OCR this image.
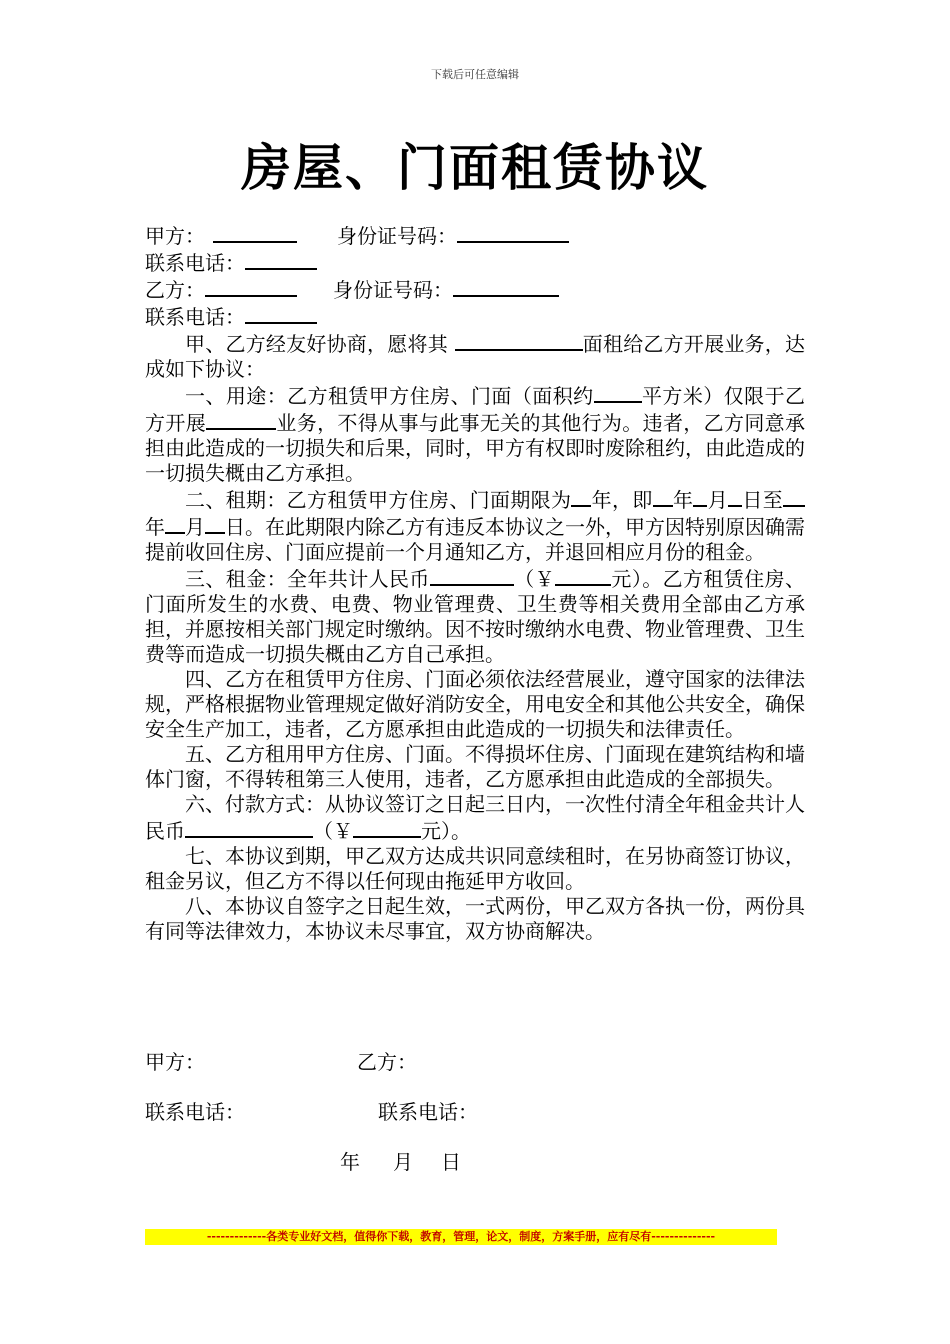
下载后可任意编辑
房屋、门面租赁协议
甲方：	身份证号码：
联系电话：
乙方：	身份证号码：
联系电话：

甲、乙方经友好协商，愿将其	面租给乙方开展业务，达成如下协议：

一、用途：乙方租赁甲方住房、门面（面积约 平方米）仅限于乙方开展	业务，不得从事与此事无关的其他行为。违者，乙方同意承担由此造成的一切损失和后果，同时，甲方有权即时废除租约，由此造成的一切损失概由乙方承担。

二、租期：乙方租赁甲方住房、门面期限为 年，即 年 月 日至年 月 日。在此期限内除乙方有违反本协议之一外，甲方因特别原因确需提前收回住房、门面应提前一个月通知乙方，并退回相应月份的租金。

三、租金：全年共计人民币	（￥	元）。乙方租赁住房、门面所发生的水费、电费、物业管理费、卫生费等相关费用全部由乙方承担，并愿按相关部门规定时缴纳。因不按时缴纳水电费、物业管理费、卫生费等而造成一切损失概由乙方自己承担。

四、乙方在租赁甲方住房、门面必须依法经营展业，遵守国家的法律法规，严格根据物业管理规定做好消防安全，用电安全和其他公共安全，确保安全生产加工，违者，乙方愿承担由此造成的一切损失和法律责任。

五、乙方租用甲方住房、门面。不得损坏住房、门面现在建筑结构和墙体门窗，不得转租第三人使用，违者，乙方愿承担由此造成的全部损失。

六、付款方式：从协议签订之日起三日内，一次性付清全年租金共计人民币	（￥	元）。

七、本协议到期，甲乙双方达成共识同意续租时，在另协商签订协议，租金另议，但乙方不得以任何现由拖延甲方收回。

八、本协议自签字之日起生效，一式两份，甲乙双方各执一份，两份具有同等法律效力，本协议未尽事宜，双方协商解决。

甲方：	乙方：
联系电话：	联系电话：
年 月 日
-------------各类专业好文档，值得你下载，教育，管理，论文，制度，方案手册，应有尽有--------------
